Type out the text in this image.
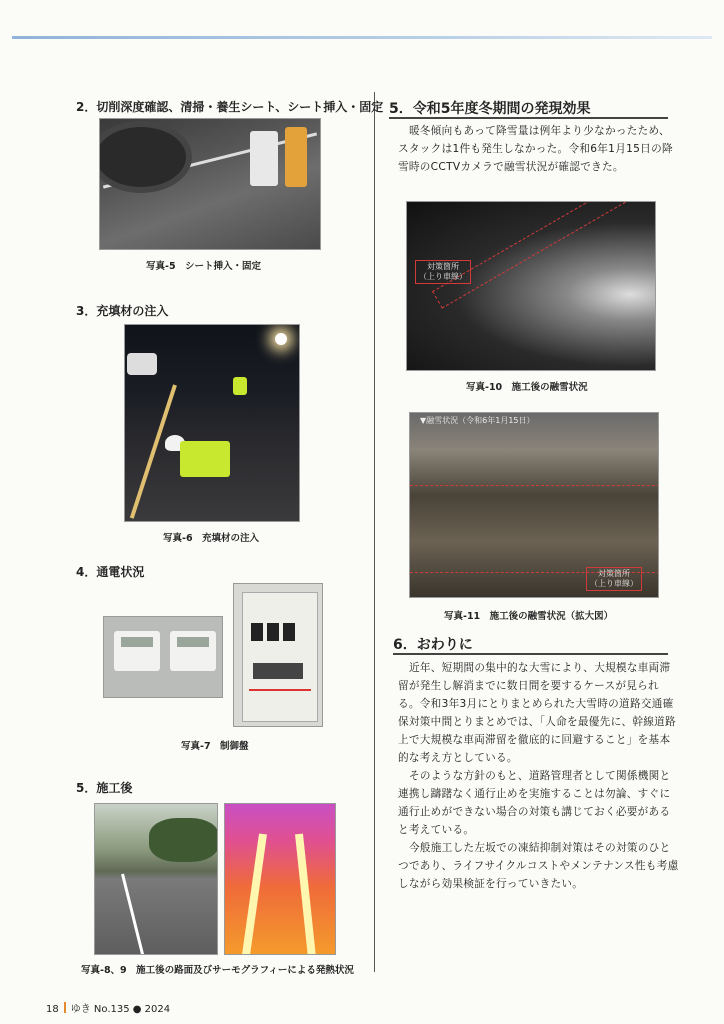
2．切削深度確認、清掃・養生シート、シート挿入・固定
写真-5　シート挿入・固定
3．充填材の注入
写真-6　充填材の注入
4．通電状況
写真-7　制御盤
5．施工後
写真-8、9　施工後の路面及びサーモグラフィーによる発熱状況
5．令和5年度冬期間の発現効果

暖冬傾向もあって降雪量は例年より少なかったため、スタックは1件も発生しなかった。令和6年1月15日の降雪時のCCTVカメラで融雪状況が確認できた。

対策箇所
（上り車線）
写真-10　施工後の融雪状況
▼融雪状況（令和6年1月15日）
対策箇所
（上り車線）
写真-11　施工後の融雪状況（拡大図）
6．おわりに

近年、短期間の集中的な大雪により、大規模な車両滞留が発生し解消までに数日間を要するケースが見られる。令和3年3月にとりまとめられた大雪時の道路交通確保対策中間とりまとめでは、「人命を最優先に、幹線道路上で大規模な車両滞留を徹底的に回避すること」を基本的な考え方としている。

そのような方針のもと、道路管理者として関係機関と連携し躊躇なく通行止めを実施することは勿論、すぐに通行止めができない場合の対策も講じておく必要があると考えている。

今般施工した左坂での凍結抑制対策はその対策のひとつであり、ライフサイクルコストやメンテナンス性も考慮しながら効果検証を行っていきたい。

18 ゆき No.135 ● 2024
